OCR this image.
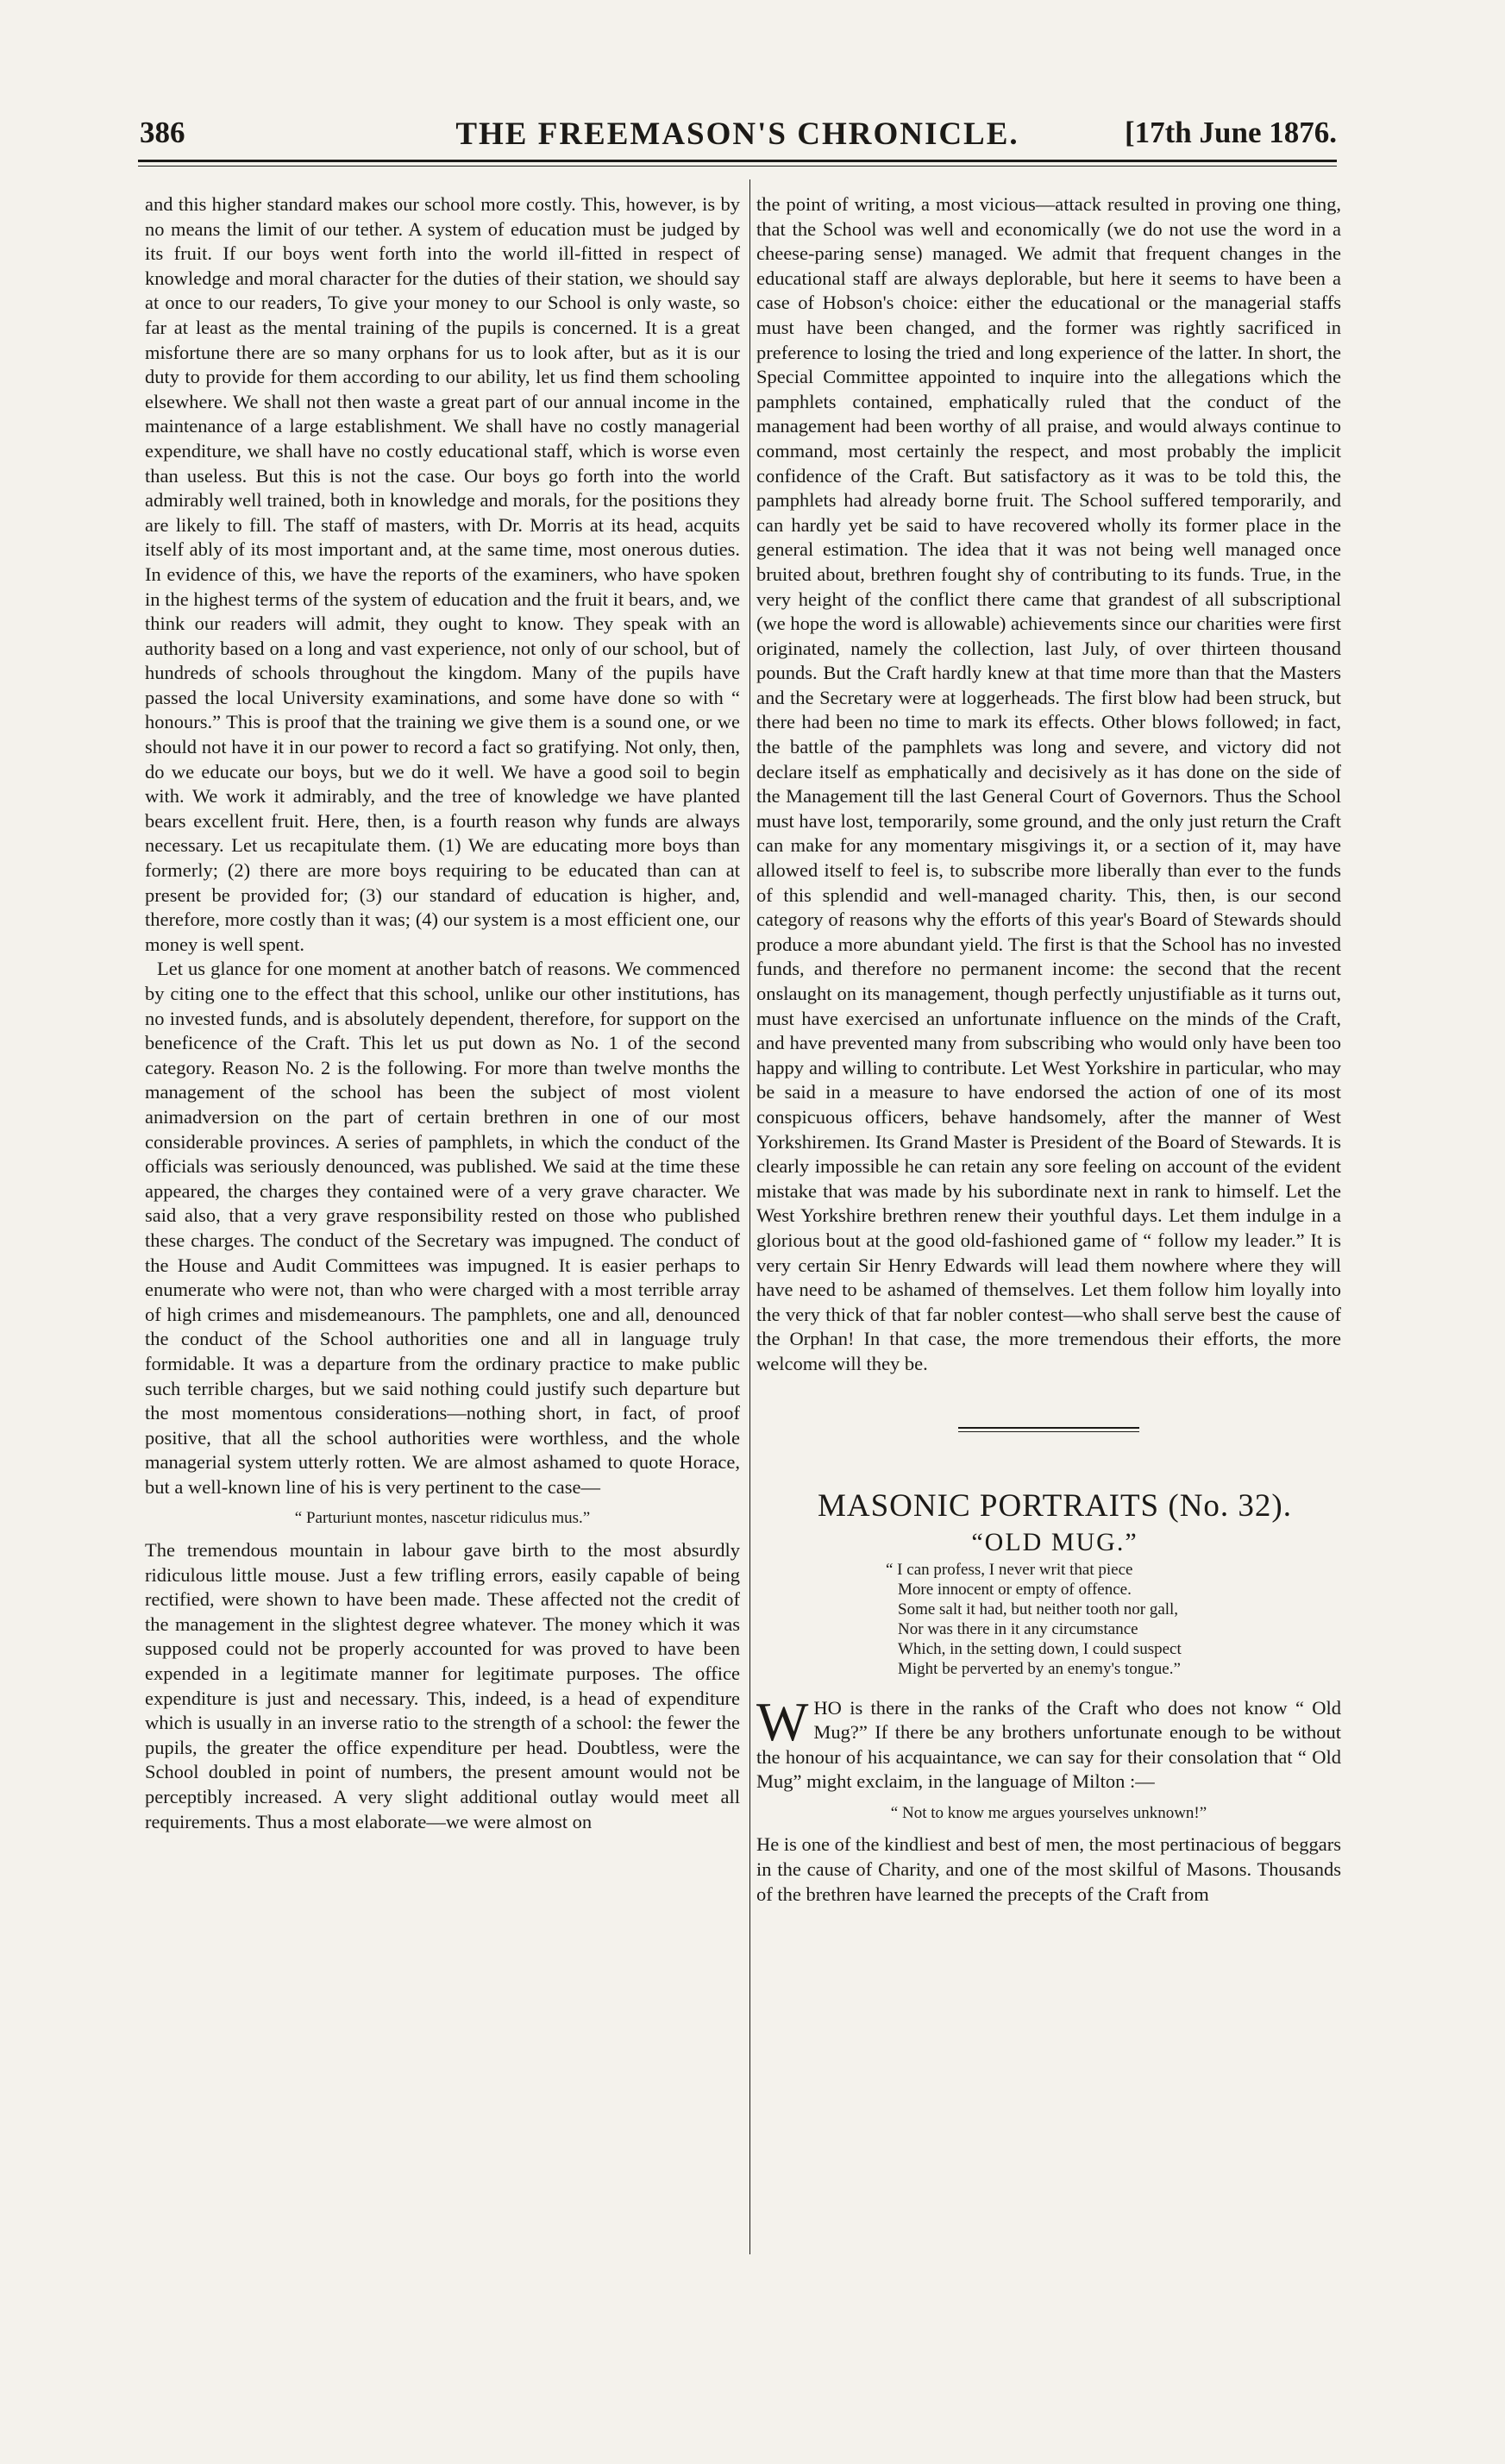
386	THE FREEMASON'S CHRONICLE.	[17th June 1876.

and this higher standard makes our school more costly. This, however, is by no means the limit of our tether. A system of education must be judged by its fruit. If our boys went forth into the world ill-fitted in respect of knowledge and moral character for the duties of their station, we should say at once to our readers, To give your money to our School is only waste, so far at least as the mental training of the pupils is concerned. It is a great misfortune there are so many orphans for us to look after, but as it is our duty to provide for them according to our ability, let us find them schooling elsewhere. We shall not then waste a great part of our annual income in the maintenance of a large establishment. We shall have no costly managerial expenditure, we shall have no costly educational staff, which is worse even than useless. But this is not the case. Our boys go forth into the world admirably well trained, both in knowledge and morals, for the positions they are likely to fill. The staff of masters, with Dr. Morris at its head, acquits itself ably of its most important and, at the same time, most onerous duties. In evidence of this, we have the reports of the examiners, who have spoken in the highest terms of the system of education and the fruit it bears, and, we think our readers will admit, they ought to know. They speak with an authority based on a long and vast experience, not only of our school, but of hundreds of schools throughout the kingdom. Many of the pupils have passed the local University examinations, and some have done so with “ honours.” This is proof that the training we give them is a sound one, or we should not have it in our power to record a fact so gratifying. Not only, then, do we educate our boys, but we do it well. We have a good soil to begin with. We work it admirably, and the tree of knowledge we have planted bears excellent fruit. Here, then, is a fourth reason why funds are always necessary. Let us recapitulate them. (1) We are educating more boys than formerly; (2) there are more boys requiring to be educated than can at present be provided for; (3) our standard of education is higher, and, therefore, more costly than it was; (4) our system is a most efficient one, our money is well spent.

Let us glance for one moment at another batch of reasons. We commenced by citing one to the effect that this school, unlike our other institutions, has no invested funds, and is absolutely dependent, therefore, for support on the beneficence of the Craft. This let us put down as No. 1 of the second category. Reason No. 2 is the following. For more than twelve months the management of the school has been the subject of most violent animadversion on the part of certain brethren in one of our most considerable provinces. A series of pamphlets, in which the conduct of the officials was seriously denounced, was published. We said at the time these appeared, the charges they contained were of a very grave character. We said also, that a very grave responsibility rested on those who published these charges. The conduct of the Secretary was impugned. The conduct of the House and Audit Committees was impugned. It is easier perhaps to enumerate who were not, than who were charged with a most terrible array of high crimes and misdemeanours. The pamphlets, one and all, denounced the conduct of the School authorities one and all in language truly formidable. It was a departure from the ordinary practice to make public such terrible charges, but we said nothing could justify such departure but the most momentous considerations—nothing short, in fact, of proof positive, that all the school authorities were worthless, and the whole managerial system utterly rotten. We are almost ashamed to quote Horace, but a well-known line of his is very pertinent to the case—

“ Parturiunt montes, nascetur ridiculus mus.”

The tremendous mountain in labour gave birth to the most absurdly ridiculous little mouse. Just a few trifling errors, easily capable of being rectified, were shown to have been made. These affected not the credit of the management in the slightest degree whatever. The money which it was supposed could not be properly accounted for was proved to have been expended in a legitimate manner for legitimate purposes. The office expenditure is just and necessary. This, indeed, is a head of expenditure which is usually in an inverse ratio to the strength of a school: the fewer the pupils, the greater the office expenditure per head. Doubtless, were the School doubled in point of numbers, the present amount would not be perceptibly increased. A very slight additional outlay would meet all requirements. Thus a most elaborate—we were almost on

the point of writing, a most vicious—attack resulted in proving one thing, that the School was well and economically (we do not use the word in a cheese-paring sense) managed. We admit that frequent changes in the educational staff are always deplorable, but here it seems to have been a case of Hobson's choice: either the educational or the managerial staffs must have been changed, and the former was rightly sacrificed in preference to losing the tried and long experience of the latter. In short, the Special Committee appointed to inquire into the allegations which the pamphlets contained, emphatically ruled that the conduct of the management had been worthy of all praise, and would always continue to command, most certainly the respect, and most probably the implicit confidence of the Craft. But satisfactory as it was to be told this, the pamphlets had already borne fruit. The School suffered temporarily, and can hardly yet be said to have recovered wholly its former place in the general estimation. The idea that it was not being well managed once bruited about, brethren fought shy of contributing to its funds. True, in the very height of the conflict there came that grandest of all subscriptional (we hope the word is allowable) achievements since our charities were first originated, namely the collection, last July, of over thirteen thousand pounds. But the Craft hardly knew at that time more than that the Masters and the Secretary were at loggerheads. The first blow had been struck, but there had been no time to mark its effects. Other blows followed; in fact, the battle of the pamphlets was long and severe, and victory did not declare itself as emphatically and decisively as it has done on the side of the Management till the last General Court of Governors. Thus the School must have lost, temporarily, some ground, and the only just return the Craft can make for any momentary misgivings it, or a section of it, may have allowed itself to feel is, to subscribe more liberally than ever to the funds of this splendid and well-managed charity. This, then, is our second category of reasons why the efforts of this year's Board of Stewards should produce a more abundant yield. The first is that the School has no invested funds, and therefore no permanent income: the second that the recent onslaught on its management, though perfectly unjustifiable as it turns out, must have exercised an unfortunate influence on the minds of the Craft, and have prevented many from subscribing who would only have been too happy and willing to contribute. Let West Yorkshire in particular, who may be said in a measure to have endorsed the action of one of its most conspicuous officers, behave handsomely, after the manner of West Yorkshiremen. Its Grand Master is President of the Board of Stewards. It is clearly impossible he can retain any sore feeling on account of the evident mistake that was made by his subordinate next in rank to himself. Let the West Yorkshire brethren renew their youthful days. Let them indulge in a glorious bout at the good old-fashioned game of “ follow my leader.” It is very certain Sir Henry Edwards will lead them nowhere where they will have need to be ashamed of themselves. Let them follow him loyally into the very thick of that far nobler contest—who shall serve best the cause of the Orphan! In that case, the more tremendous their efforts, the more welcome will they be.

MASONIC PORTRAITS (No. 32).

“OLD MUG.”

“ I can profess, I never writ that piece
More innocent or empty of offence.
Some salt it had, but neither tooth nor gall,
Nor was there in it any circumstance
Which, in the setting down, I could suspect
Might be perverted by an enemy's tongue.”

WHO is there in the ranks of the Craft who does not know “ Old Mug?” If there be any brothers unfortunate enough to be without the honour of his acquaintance, we can say for their consolation that “ Old Mug” might exclaim, in the language of Milton :—

“ Not to know me argues yourselves unknown!”

He is one of the kindliest and best of men, the most pertinacious of beggars in the cause of Charity, and one of the most skilful of Masons. Thousands of the brethren have learned the precepts of the Craft from
